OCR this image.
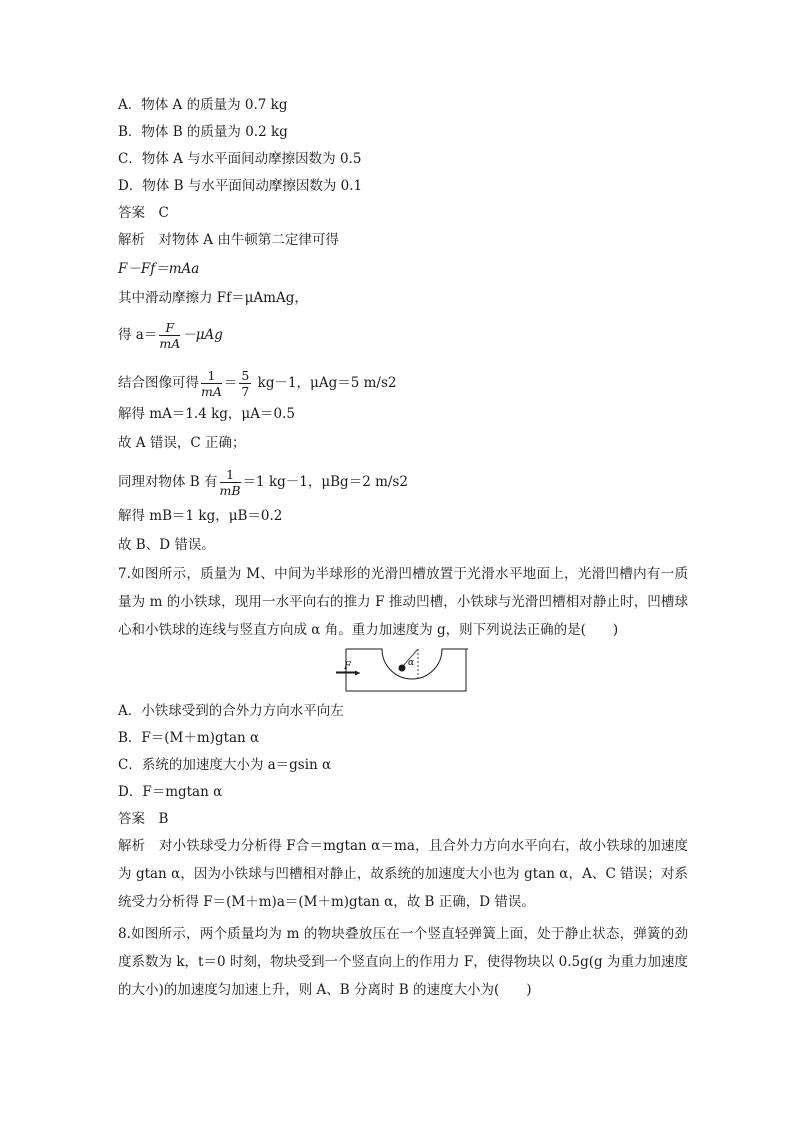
A．物体 A 的质量为 0.7 kg
B．物体 B 的质量为 0.2 kg
C．物体 A 与水平面间动摩擦因数为 0.5
D．物体 B 与水平面间动摩擦因数为 0.1
答案　C
解析　对物体 A 由牛顿第二定律可得
F－Ff＝mAa
其中滑动摩擦力 Ff＝μAmAg，
得 $a= \frac{F}{mA} -\mu Ag$
结合图像可得 $\frac{1}{mA} = \frac{5}{7} kg-1$，μAg＝5 m/s2
解得 mA＝1.4 kg，μA＝0.5
故 A 错误，C 正确；
同理对物体 B 有 $\frac{1}{mB} =1$ kg－1，μBg＝2 m/s2
解得 mB＝1 kg，μB＝0.2
故 B、D 错误。
7.如图所示，质量为 M、中间为半球形的光滑凹槽放置于光滑水平地面上，光滑凹槽内有一质量为 m 的小铁球，现用一水平向右的推力 F 推动凹槽，小铁球与光滑凹槽相对静止时，凹槽球心和小铁球的连线与竖直方向成 α 角。重力加速度为 g，则下列说法正确的是(　　)
α
F
A．小铁球受到的合外力方向水平向左
B．F＝(M＋m)gtan α
C．系统的加速度大小为 a＝gsin α
D．F＝mgtan α
答案　B
解析　对小铁球受力分析得 F合＝mgtan α＝ma，且合外力方向水平向右，故小铁球的加速度为 gtan α，因为小铁球与凹槽相对静止，故系统的加速度大小也为 gtan α，A、C 错误；对系统受力分析得 F＝(M＋m)a＝(M＋m)gtan α，故 B 正确，D 错误。
8.如图所示，两个质量均为 m 的物块叠放压在一个竖直轻弹簧上面，处于静止状态，弹簧的劲度系数为 k，t＝0 时刻，物块受到一个竖直向上的作用力 F，使得物块以 0.5g(g 为重力加速度的大小)的加速度匀加速上升，则 A、B 分离时 B 的速度大小为(　　)
